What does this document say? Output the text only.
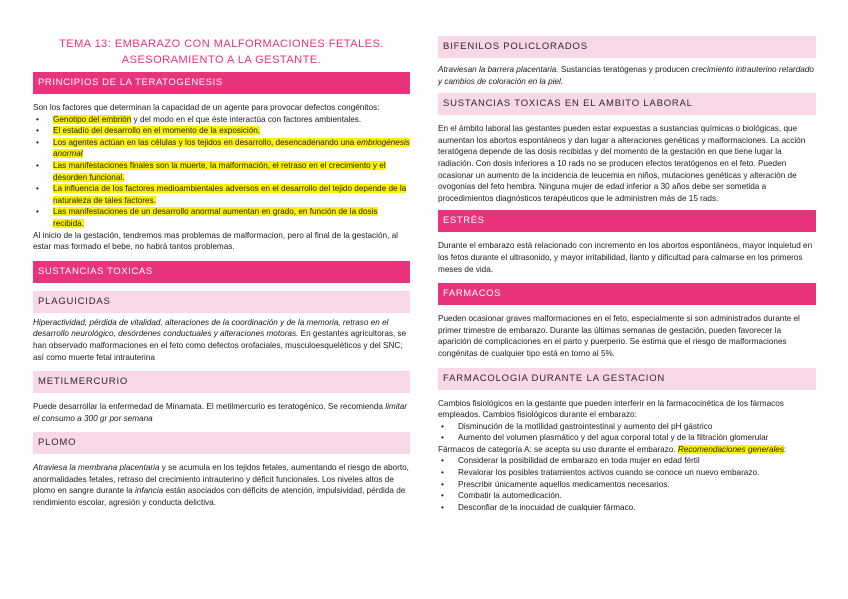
TEMA 13: EMBARAZO CON MALFORMACIONES FETALES.
ASESORAMIENTO A LA GESTANTE.
PRINCIPIOS DE LA TERATOGENESIS

Son los factores que determinan la capacidad de un agente para provocar defectos congénitos:

• Genotipo del embrión y del modo en el que éste interactúa con factores ambientales.
• El estadio del desarrollo en el momento de la exposición.
• Los agentes actúan en las células y los tejidos en desarrollo, desencadenando una embriogénesis anormal
• Las manifestaciones finales son la muerte, la malformación, el retraso en el crecimiento y el desorden funcional.
• La influencia de los factores medioambientales adversos en el desarrollo del tejido depende de la naturaleza de tales factores.
• Las manifestaciones de un desarrollo anormal aumentan en grado, en función de la dosis recibida.

Al inicio de la gestación, tendremos mas problemas de malformacion, pero al final de la gestación, al estar mas formado el bebe, no habrá tantos problemas.

SUSTANCIAS TOXICAS
PLAGUICIDAS

Hiperactividad, pérdida de vitalidad, alteraciones de la coordinación y de la memoria, retraso en el desarrollo neurológico, desórdenes conductuales y alteraciones motoras. En gestantes agricultoras, se han observado malformaciones en el feto como defectos orofaciales, musculoesqueléticos y del SNC; así como muerte fetal intrauterina

METILMERCURIO

Puede desarrollar la enfermedad de Minamata. El metilmercurio es teratogénico. Se recomienda limitar el consumo a 300 gr por semana

PLOMO

Atraviesa la membrana placentaria y se acumula en los tejidos fetales, aumentando el riesgo de aborto, anormalidades fetales, retraso del crecimiento intrauterino y déficit funcionales. Los niveles altos de plomo en sangre durante la infancia están asociados con déficits de atención, impulsividad, pérdida de rendimiento escolar, agresión y conducta delictiva.

BIFENILOS POLICLORADOS

Atraviesan la barrera placentaria. Sustancias teratógenas y producen crecimiento intrauterino retardado y cambios de coloración en la piel.

SUSTANCIAS TOXICAS EN EL AMBITO LABORAL

En el ámbito laboral las gestantes pueden estar expuestas a sustancias químicas o biológicas, que aumentan los abortos espontáneos y dan lugar a alteraciones genéticas y malformaciones. La acción teratógena depende de las dosis recibidas y del momento de la gestación en que tiene lugar la radiación. Con dosis inferiores a 10 rads no se producen efectos teratógenos en el feto. Pueden ocasionar un aumento de la incidencia de leucemia en niños, mutaciones genéticas y alteración de ovogonias del feto hembra. Ninguna mujer de edad inferior a 30 años debe ser sometida a procedimientos diagnósticos terapéuticos que le administren más de 15 rads.

ESTRÉS

Durante el embarazo está relacionado con incremento en los abortos espontáneos, mayor inquietud en los fetos durante el ultrasonido, y mayor irritabilidad, llanto y dificultad para calmarse en los primeros meses de vida.

FARMACOS

Pueden ocasionar graves malformaciones en el feto, especialmente si son administrados durante el primer trimestre de embarazo. Durante las últimas semanas de gestación, pueden favorecer la aparición de complicaciones en el parto y puerperio. Se estima que el riesgo de malformaciones congénitas de cualquier tipo está en torno al 5%.

FARMACOLOGIA DURANTE LA GESTACION

Cambios fisiológicos en la gestante que pueden interferir en la farmacocinética de los fármacos empleados. Cambios fisiológicos durante el embarazo:

• Disminución de la motilidad gastrointestinal y aumento del pH gástrico
• Aumento del volumen plasmático y del agua corporal total y de la filtración glomerular

Fármacos de categoría A: se acepta su uso durante el embarazo. Recomendaciones generales:

• Considerar la posibilidad de embarazo en toda mujer en edad fértil
• Revalorar los posibles tratamientos activos cuando se conoce un nuevo embarazo.
• Prescribir únicamente aquellos medicamentos necesarios.
• Combatir la automedicación.
• Desconfiar de la inocuidad de cualquier fármaco.
